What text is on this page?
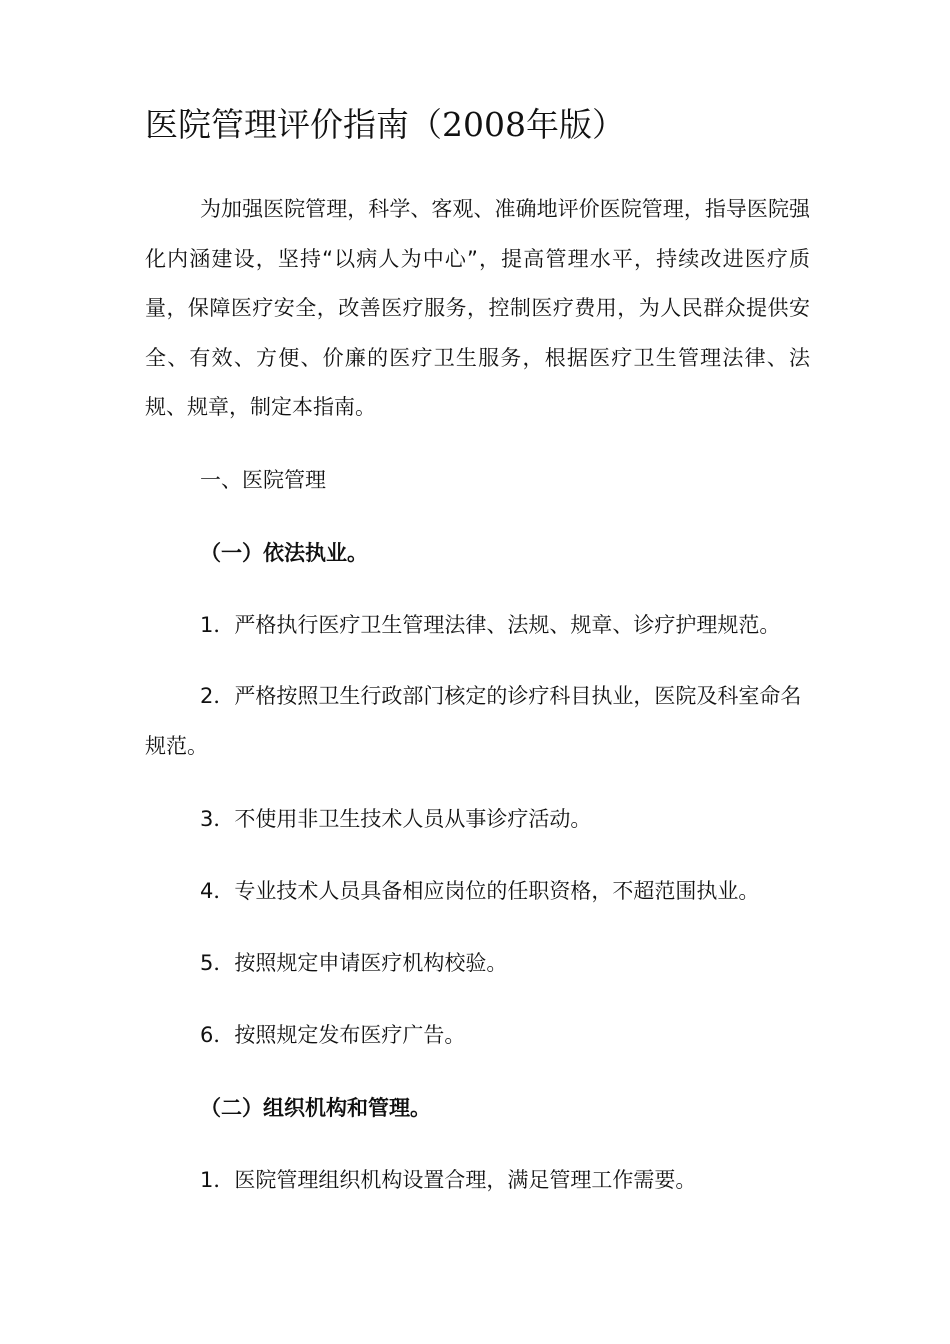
医院管理评价指南（2008年版）

为加强医院管理，科学、客观、准确地评价医院管理，指导医院强化内涵建设，坚持“以病人为中心”，提高管理水平，持续改进医疗质量，保障医疗安全，改善医疗服务，控制医疗费用，为人民群众提供安全、有效、方便、价廉的医疗卫生服务，根据医疗卫生管理法律、法规、规章，制定本指南。

一、医院管理

（一）依法执业。

1．严格执行医疗卫生管理法律、法规、规章、诊疗护理规范。

2．严格按照卫生行政部门核定的诊疗科目执业，医院及科室命名规范。

3．不使用非卫生技术人员从事诊疗活动。

4．专业技术人员具备相应岗位的任职资格，不超范围执业。

5．按照规定申请医疗机构校验。

6．按照规定发布医疗广告。

（二）组织机构和管理。

1．医院管理组织机构设置合理，满足管理工作需要。
